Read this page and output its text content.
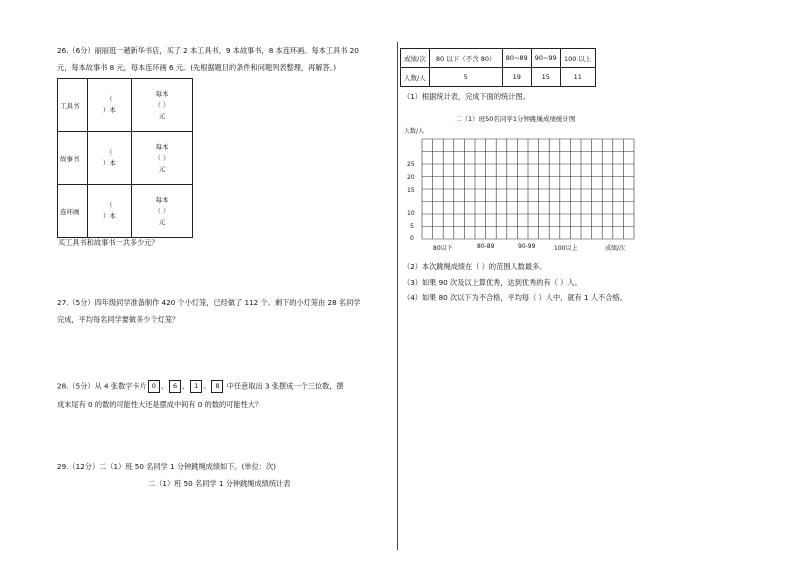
26.（6分）丽丽逛一趟新华书店，买了 2 本工具书，9 本故事书，8 本连环画。每本工具书 20
元，每本故事书 8 元，每本连环画 6 元。(先根据题目的条件和问题列表整理，再解答。)
工具书	（
）本	每本
（ ）
元

故事书	（
）本	每本
（ ）
元

连环画	（
）本	每本
（ ）
元
买工具书和故事书一共多少元？
27.（5分）四年级同学准备制作 420 个小灯笼，已经做了 112 个。剩下的小灯笼由 28 名同学
完成，平均每名同学要做多少个灯笼？
28.（5分）从 4 张数字卡片 0 、 6 、 1 、 8 中任意取出 3 张摆成一个三位数，摆
成末尾有 0 的数的可能性大还是摆成中间有 0 的数的可能性大？
29.（12分）二（1）班 50 名同学 1 分钟跳绳成绩如下。(单位：次)
二（1）班 50 名同学 1 分钟跳绳成绩统计表
成绩/次	80 以下（不含 80）	80~89	90~99	100 以上
人数/人	5	19	15	11
（1）根据统计表，完成下面的统计图。
二（1）班50名同学1分钟跳绳成绩统计图
人数/人
25
20
15
10
5
0
80以下	80-89	90-99	100以上	成绩/次
（2）本次跳绳成绩在（ ）的范围人数最多。
（3）如果 90 次及以上算优秀，达到优秀的有（ ）人。
（4）如果 80 次以下为不合格，平均每（ ）人中，就有 1 人不合格。
